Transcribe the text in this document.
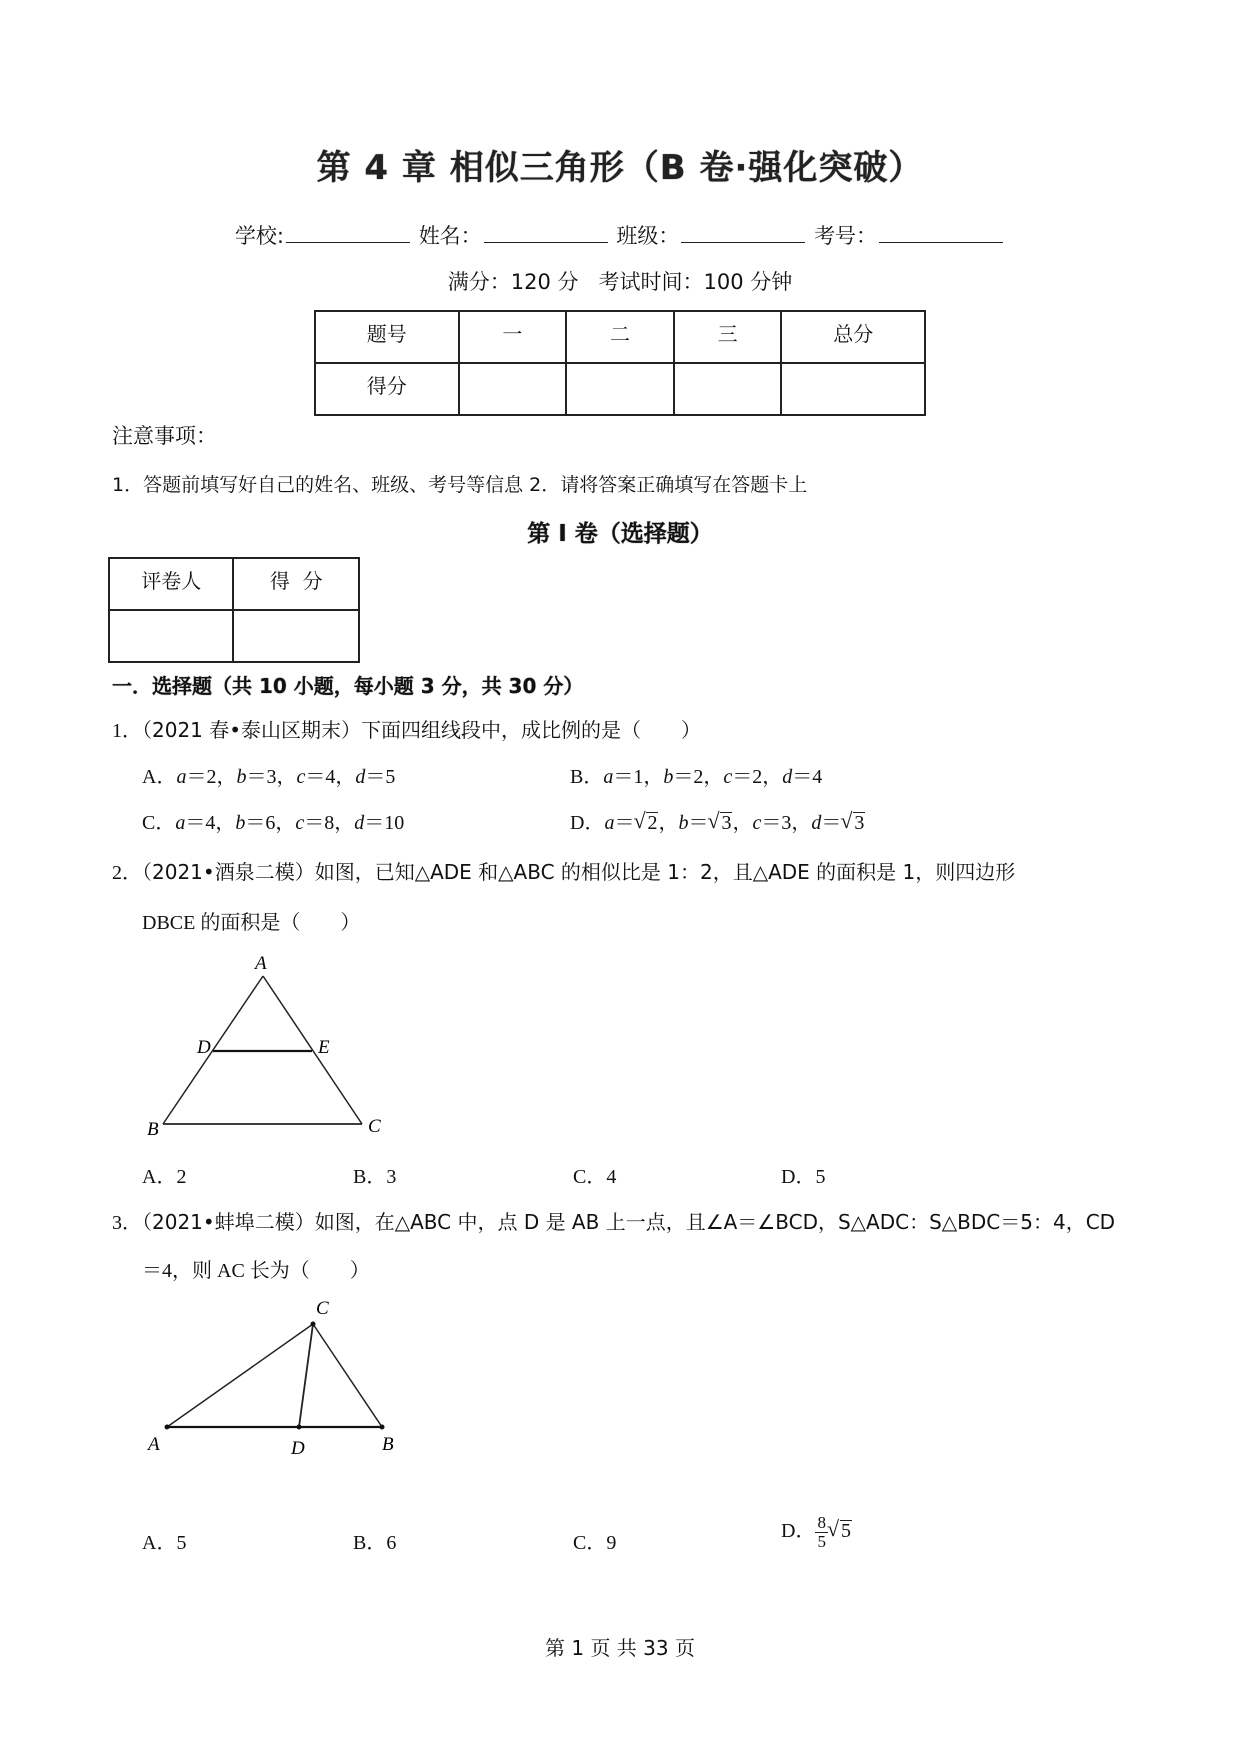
第 4 章 相似三角形（B 卷·强化突破）
学校:	姓名：	班级：	考号：
满分：120 分   考试时间：100 分钟
题号	一	二	三	总分
得分				
注意事项：
1．答题前填写好自己的姓名、班级、考号等信息 2．请将答案正确填写在答题卡上
第 I 卷（选择题）
评卷人	得  分

一．选择题（共 10 小题，每小题 3 分，共 30 分）
1．（2021 春•泰山区期末）下面四组线段中，成比例的是（　　）
A．a＝2，b＝3，c＝4，d＝5	B．a＝1，b＝2，c＝2，d＝4
C．a＝4，b＝6，c＝8，d＝10	D．a＝ √ 2，b＝ √ 3，c＝3，d＝ √ 3
2．（2021•酒泉二模）如图，已知△ADE 和△ABC 的相似比是 1：2，且△ADE 的面积是 1，则四边形
DBCE 的面积是（　　）
A
D	E
B	C
A．2	B．3	C．4	D．5
3．（2021•蚌埠二模）如图，在△ABC 中，点 D 是 AB 上一点，且∠A＝∠BCD，S△ADC：S△BDC＝5：4，CD
＝4，则 AC 长为（　　）
C
A	D	B
A．5	B．6	C．9
D． $\frac{8}{5}$ √ 5
第 1 页 共 33 页
